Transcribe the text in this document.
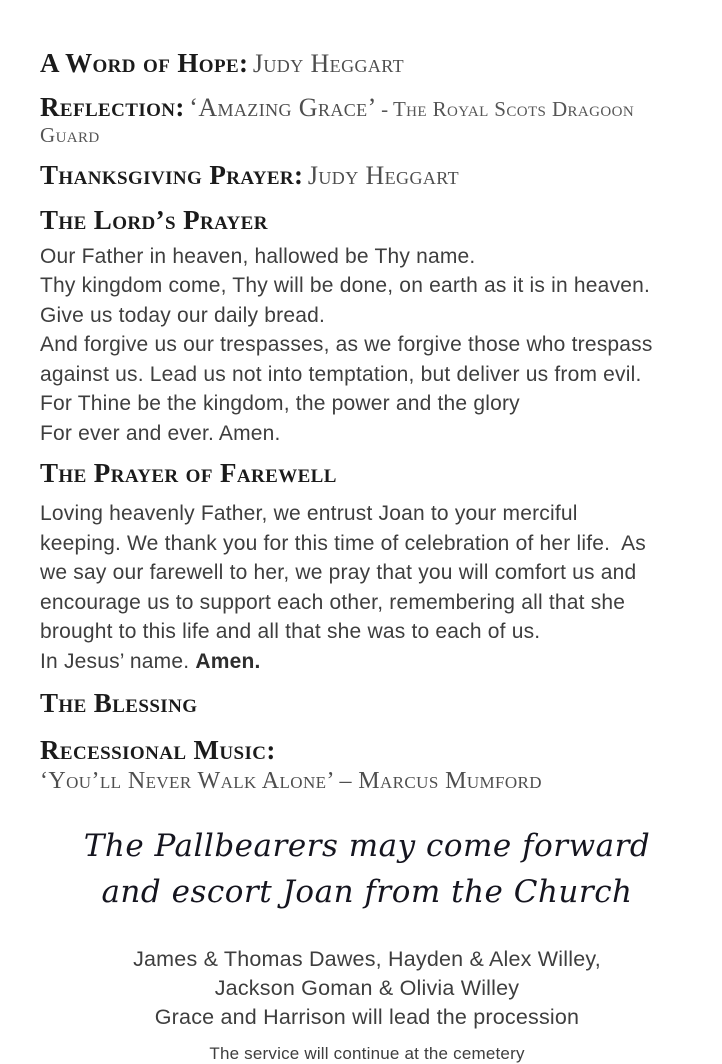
A Word of Hope: Judy Heggart
Reflection: ‘Amazing Grace’ - The Royal Scots Dragoon Guard
Thanksgiving Prayer: Judy Heggart
The Lord’s Prayer
Our Father in heaven, hallowed be Thy name.
Thy kingdom come, Thy will be done, on earth as it is in heaven.
Give us today our daily bread.
And forgive us our trespasses, as we forgive those who trespass
against us. Lead us not into temptation, but deliver us from evil.
For Thine be the kingdom, the power and the glory
For ever and ever. Amen.
The Prayer of Farewell
Loving heavenly Father, we entrust Joan to your merciful
keeping. We thank you for this time of celebration of her life.  As
we say our farewell to her, we pray that you will comfort us and
encourage us to support each other, remembering all that she
brought to this life and all that she was to each of us.
In Jesus’ name. Amen.
The Blessing
Recessional Music:
‘You’ll Never Walk Alone’ – Marcus Mumford
The Pallbearers may come forward
and escort Joan from the Church
James & Thomas Dawes, Hayden & Alex Willey,
Jackson Goman & Olivia Willey
Grace and Harrison will lead the procession
The service will continue at the cemetery
